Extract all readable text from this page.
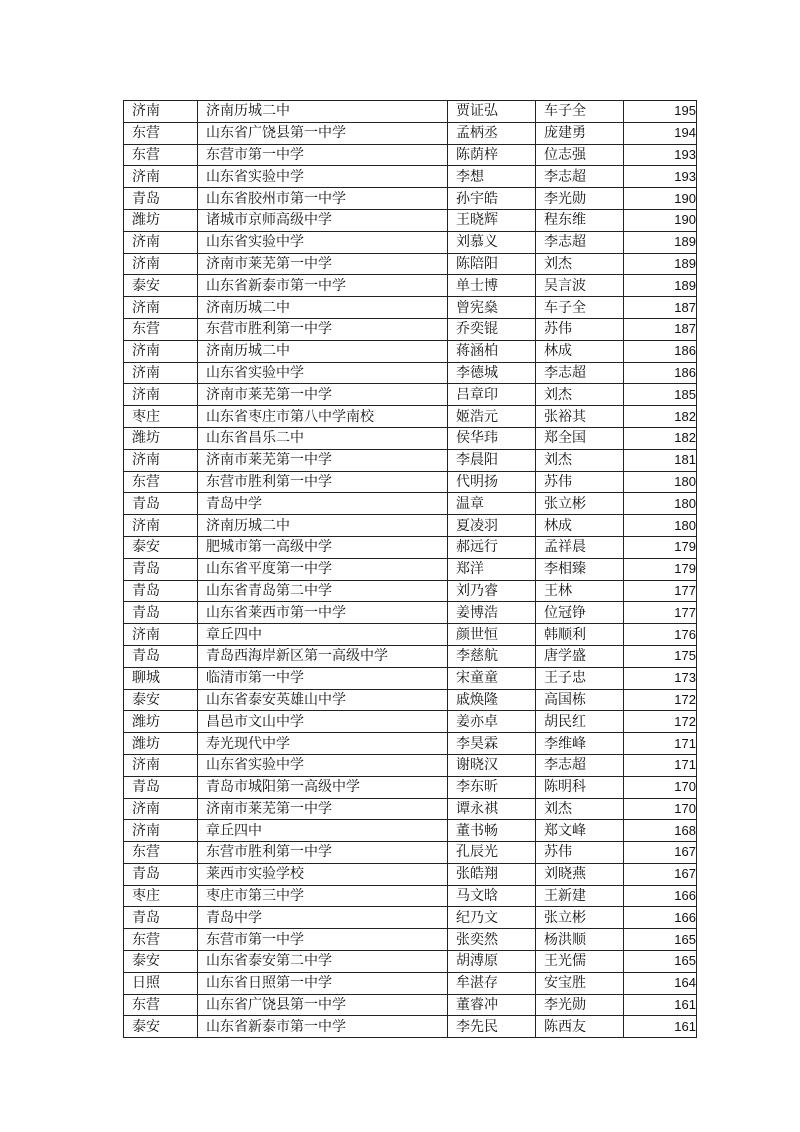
济南	济南历城二中	贾证弘	车子全	195
东营	山东省广饶县第一中学	孟柄丞	庞建勇	194
东营	东营市第一中学	陈荫梓	位志强	193
济南	山东省实验中学	李想	李志超	193
青岛	山东省胶州市第一中学	孙宇皓	李光勋	190
潍坊	诸城市京师高级中学	王晓辉	程东维	190
济南	山东省实验中学	刘慕义	李志超	189
济南	济南市莱芜第一中学	陈陪阳	刘杰	189
泰安	山东省新泰市第一中学	单士博	吴言波	189
济南	济南历城二中	曾宪燊	车子全	187
东营	东营市胜利第一中学	乔奕锟	苏伟	187
济南	济南历城二中	蒋涵柏	林成	186
济南	山东省实验中学	李德城	李志超	186
济南	济南市莱芜第一中学	吕章印	刘杰	185
枣庄	山东省枣庄市第八中学南校	姬浩元	张裕其	182
潍坊	山东省昌乐二中	侯华玮	郑全国	182
济南	济南市莱芜第一中学	李晨阳	刘杰	181
东营	东营市胜利第一中学	代明扬	苏伟	180
青岛	青岛中学	温章	张立彬	180
济南	济南历城二中	夏凌羽	林成	180
泰安	肥城市第一高级中学	郝远行	孟祥晨	179
青岛	山东省平度第一中学	郑洋	李相臻	179
青岛	山东省青岛第二中学	刘乃睿	王林	177
青岛	山东省莱西市第一中学	姜博浩	位冠铮	177
济南	章丘四中	颜世恒	韩顺利	176
青岛	青岛西海岸新区第一高级中学	李慈航	唐学盛	175
聊城	临清市第一中学	宋童童	王子忠	173
泰安	山东省泰安英雄山中学	戚焕隆	高国栋	172
潍坊	昌邑市文山中学	姜亦卓	胡民红	172
潍坊	寿光现代中学	李昊霖	李维峰	171
济南	山东省实验中学	谢晓汉	李志超	171
青岛	青岛市城阳第一高级中学	李东昕	陈明科	170
济南	济南市莱芜第一中学	谭永祺	刘杰	170
济南	章丘四中	董书畅	郑文峰	168
东营	东营市胜利第一中学	孔辰光	苏伟	167
青岛	莱西市实验学校	张皓翔	刘晓燕	167
枣庄	枣庄市第三中学	马文晗	王新建	166
青岛	青岛中学	纪乃文	张立彬	166
东营	东营市第一中学	张奕然	杨洪顺	165
泰安	山东省泰安第二中学	胡溥原	王光儒	165
日照	山东省日照第一中学	牟湛存	安宝胜	164
东营	山东省广饶县第一中学	董睿冲	李光勋	161
泰安	山东省新泰市第一中学	李先民	陈西友	161
